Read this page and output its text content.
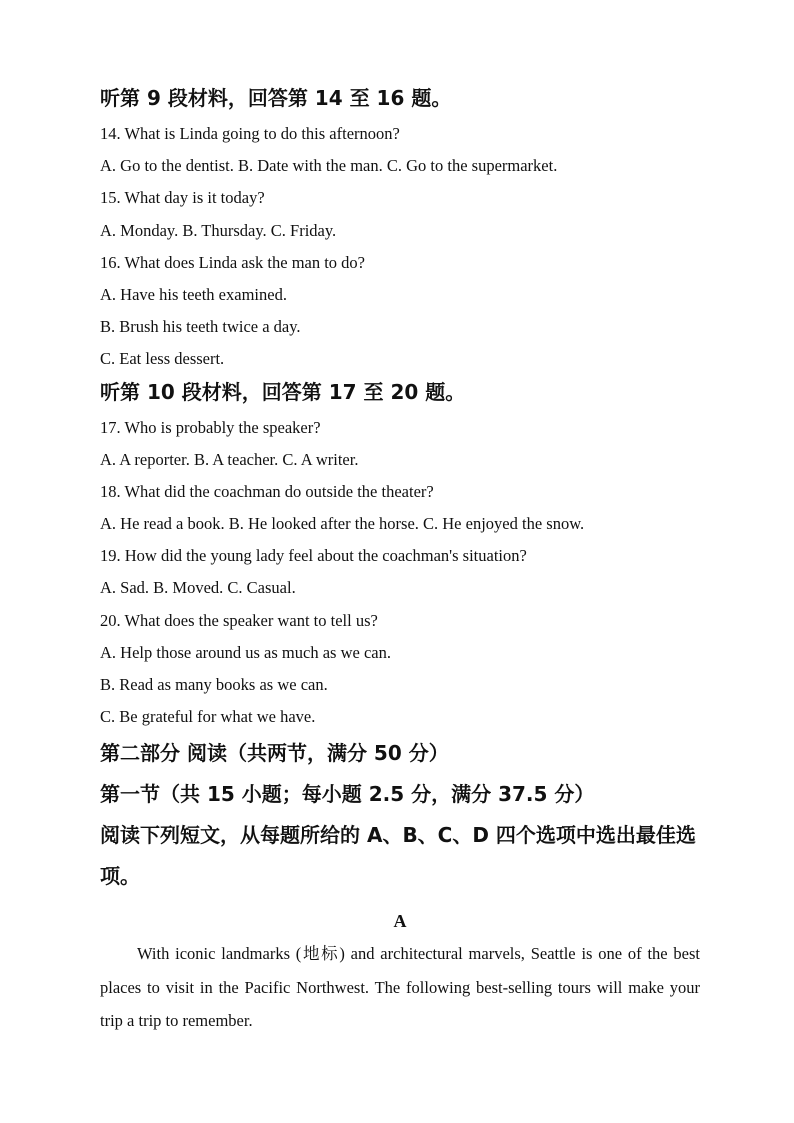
听第 9 段材料，回答第 14 至 16 题。

14. What is Linda going to do this afternoon?

A. Go to the dentist. B. Date with the man. C. Go to the supermarket.

15. What day is it today?

A. Monday. B. Thursday. C. Friday.

16. What does Linda ask the man to do?

A. Have his teeth examined.

B. Brush his teeth twice a day.

C. Eat less dessert.

听第 10 段材料，回答第 17 至 20 题。

17. Who is probably the speaker?

A. A reporter. B. A teacher. C. A writer.

18. What did the coachman do outside the theater?

A. He read a book. B. He looked after the horse. C. He enjoyed the snow.

19. How did the young lady feel about the coachman's situation?

A. Sad. B. Moved. C. Casual.

20. What does the speaker want to tell us?

A. Help those around us as much as we can.

B. Read as many books as we can.

C. Be grateful for what we have.

第二部分 阅读（共两节，满分 50 分）

第一节（共 15 小题；每小题 2.5 分，满分 37.5 分）

阅读下列短文，从每题所给的 A、B、C、D 四个选项中选出最佳选项。

A

With iconic landmarks (地标) and architectural marvels, Seattle is one of the best places to visit in the Pacific Northwest. The following best-selling tours will make your trip a trip to remember.
